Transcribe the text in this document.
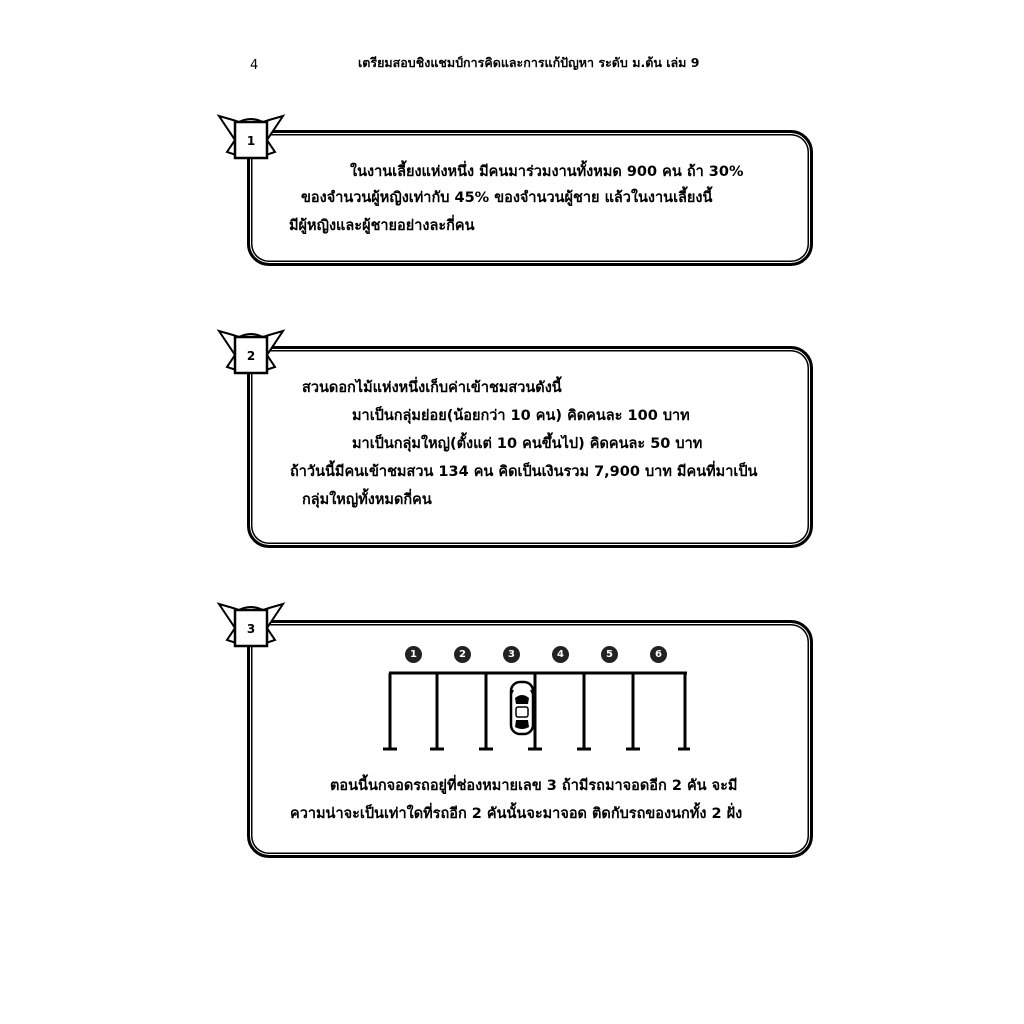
4	เตรียมสอบชิงแชมป์การคิดและการแก้ปัญหา ระดับ ม.ต้น เล่ม 9
1
ในงานเลี้ยงแห่งหนึ่ง มีคนมาร่วมงานทั้งหมด 900 คน ถ้า 30%
ของจำนวนผู้หญิงเท่ากับ 45% ของจำนวนผู้ชาย แล้วในงานเลี้ยงนี้
มีผู้หญิงและผู้ชายอย่างละกี่คน
2
สวนดอกไม้แห่งหนึ่งเก็บค่าเข้าชมสวนดังนี้
มาเป็นกลุ่มย่อย(น้อยกว่า 10 คน) คิดคนละ 100 บาท
มาเป็นกลุ่มใหญ่(ตั้งแต่ 10 คนขึ้นไป) คิดคนละ 50 บาท
ถ้าวันนี้มีคนเข้าชมสวน 134 คน คิดเป็นเงินรวม 7,900 บาท มีคนที่มาเป็น
กลุ่มใหญ่ทั้งหมดกี่คน
3
1	2	3	4	5	6
ตอนนี้นกจอดรถอยู่ที่ช่องหมายเลข 3 ถ้ามีรถมาจอดอีก 2 คัน จะมี
ความน่าจะเป็นเท่าใดที่รถอีก 2 คันนั้นจะมาจอด ติดกับรถของนกทั้ง 2 ฝั่ง
